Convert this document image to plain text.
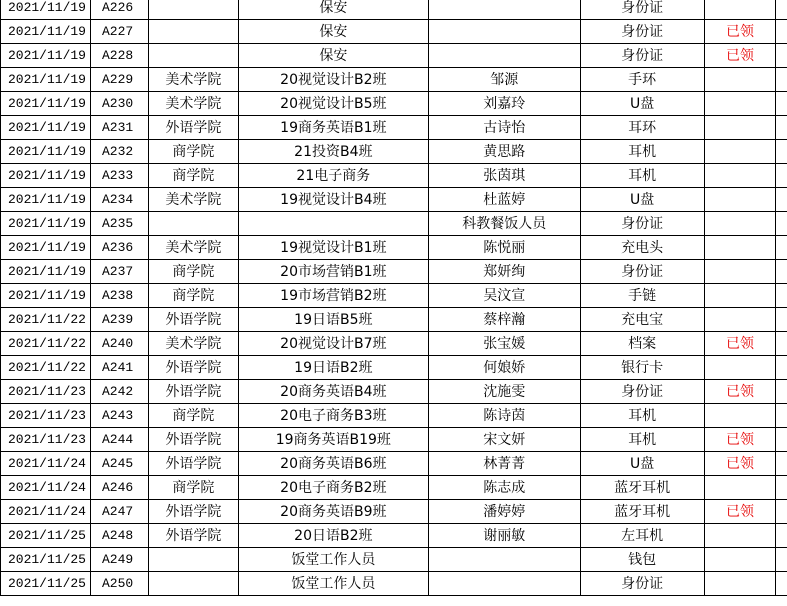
2021/11/19	A226		保安		身份证		
2021/11/19	A227		保安		身份证	已领	
2021/11/19	A228		保安		身份证	已领	
2021/11/19	A229	美术学院	20视觉设计B2班	邹源	手环		
2021/11/19	A230	美术学院	20视觉设计B5班	刘嘉玲	U盘		
2021/11/19	A231	外语学院	19商务英语B1班	古诗怡	耳环		
2021/11/19	A232	商学院	21投资B4班	黄思路	耳机		
2021/11/19	A233	商学院	21电子商务	张茵琪	耳机		
2021/11/19	A234	美术学院	19视觉设计B4班	杜蓝婷	U盘		
2021/11/19	A235			科教餐饭人员	身份证		
2021/11/19	A236	美术学院	19视觉设计B1班	陈悦丽	充电头		
2021/11/19	A237	商学院	20市场营销B1班	郑妍绚	身份证		
2021/11/19	A238	商学院	19市场营销B2班	吴汶宣	手链		
2021/11/22	A239	外语学院	19日语B5班	蔡梓瀚	充电宝		
2021/11/22	A240	美术学院	20视觉设计B7班	张宝媛	档案	已领	
2021/11/22	A241	外语学院	19日语B2班	何娘娇	银行卡		
2021/11/23	A242	外语学院	20商务英语B4班	沈施雯	身份证	已领	
2021/11/23	A243	商学院	20电子商务B3班	陈诗茵	耳机		
2021/11/23	A244	外语学院	19商务英语B19班	宋文妍	耳机	已领	
2021/11/24	A245	外语学院	20商务英语B6班	林菁菁	U盘	已领	
2021/11/24	A246	商学院	20电子商务B2班	陈志成	蓝牙耳机		
2021/11/24	A247	外语学院	20商务英语B9班	潘婷婷	蓝牙耳机	已领	
2021/11/25	A248	外语学院	20日语B2班	谢丽敏	左耳机		
2021/11/25	A249		饭堂工作人员		钱包		
2021/11/25	A250		饭堂工作人员		身份证		
